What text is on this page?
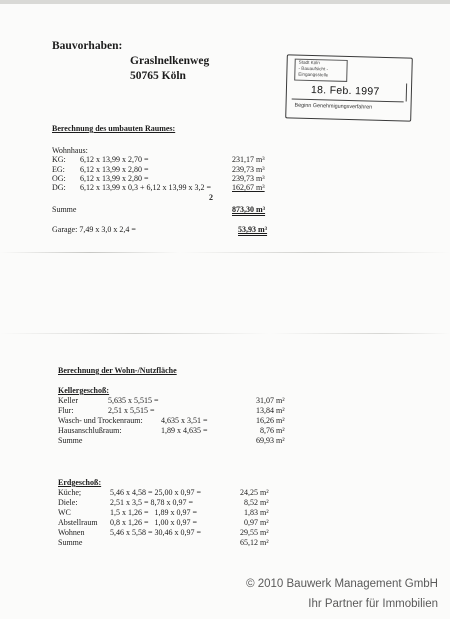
Bauvorhaben:
Graslnelkenweg
50765 Köln
Stadt Köln
- Bauaufsicht -
Eingangsstelle
18. Feb. 1997
Beginn Genehmigungsverfahren
Berechnung des umbauten Raumes:
Wohnhaus:
KG: 6,12 x 13,99 x 2,70 =	231,17 m³
EG: 6,12 x 13,99 x 2,80 =	239,73 m³
OG: 6,12 x 13,99 x 2,80 =	239,73 m³
DG: 6,12 x 13,99 x 0,3 + 6,12 x 13,99 x 3,2 =	162,67 m³
2
Summe	873,30 m³
Garage: 7,49 x 3,0 x 2,4 =	53,93 m³
Berechnung der Wohn-/Nutzfläche
Kellergeschoß:
Keller	5,635 x 5,515 =	31,07 m²
Flur:	2,51 x 5,515 =	13,84 m²
Wasch- und Trockenraum: 4,635 x 3,51 =	16,26 m²
Hausanschlußraum:	1,89 x 4,635 =	8,76 m²
Summe	69,93 m²
Erdgeschoß:
Küche;	5,46 x 4,58 = 25,00 x 0,97 =	24,25 m²
Diele:	2,51 x 3,5 = 8,78 x 0,97 =	8,52 m²
WC	1,5 x 1,26 =   1,89 x 0,97 =	1,83 m²
Abstellraum 0,8 x 1,26 =   1,00 x 0,97 =	0,97 m²
Wohnen	5,46 x 5,58 = 30,46 x 0,97 =	29,55 m²
Summe	65,12 m²
© 2010 Bauwerk Management GmbH
Ihr Partner für Immobilien
